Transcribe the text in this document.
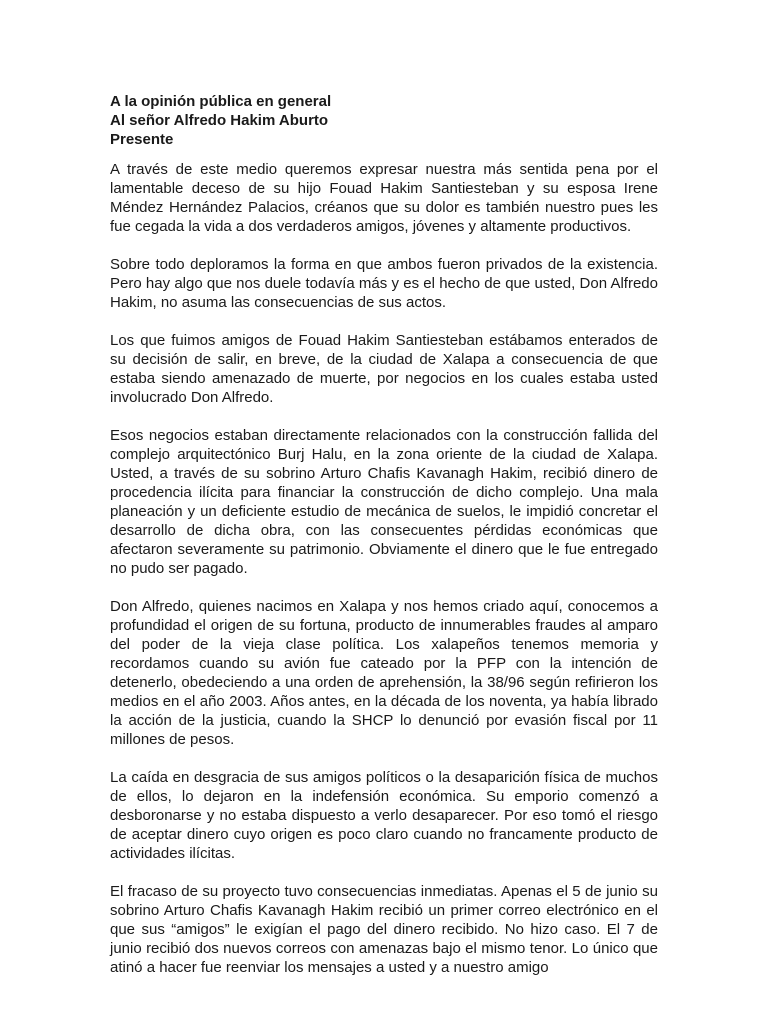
A la opinión pública en general
Al señor Alfredo Hakim Aburto
Presente

A través de este medio queremos expresar nuestra más sentida pena por el lamentable deceso de su hijo Fouad Hakim Santiesteban y su esposa Irene Méndez Hernández Palacios, créanos que su dolor es también nuestro pues les fue cegada la vida a dos verdaderos amigos, jóvenes y altamente productivos.

Sobre todo deploramos la forma en que ambos fueron privados de la existencia. Pero hay algo que nos duele todavía más y es el hecho de que usted, Don Alfredo Hakim, no asuma las consecuencias de sus actos.

Los que fuimos amigos de Fouad Hakim Santiesteban estábamos enterados de su decisión de salir, en breve, de la ciudad de Xalapa a consecuencia de que estaba siendo amenazado de muerte, por negocios en los cuales estaba usted involucrado Don Alfredo.

Esos negocios estaban directamente relacionados con la construcción fallida del complejo arquitectónico Burj Halu, en la zona oriente de la ciudad de Xalapa. Usted, a través de su sobrino Arturo Chafis Kavanagh Hakim, recibió dinero de procedencia ilícita para financiar la construcción de dicho complejo. Una mala planeación y un deficiente estudio de mecánica de suelos, le impidió concretar el desarrollo de dicha obra, con las consecuentes pérdidas económicas que afectaron severamente su patrimonio. Obviamente el dinero que le fue entregado no pudo ser pagado.

Don Alfredo, quienes nacimos en Xalapa y nos hemos criado aquí, conocemos a profundidad el origen de su fortuna, producto de innumerables fraudes al amparo del poder de la vieja clase política. Los xalapeños tenemos memoria y recordamos cuando su avión fue cateado por la PFP con la intención de detenerlo, obedeciendo a una orden de aprehensión, la 38/96 según refirieron los medios en el año 2003. Años antes, en la década de los noventa, ya había librado la acción de la justicia, cuando la SHCP lo denunció por evasión fiscal por 11 millones de pesos.

La caída en desgracia de sus amigos políticos o la desaparición física de muchos de ellos, lo dejaron en la indefensión económica. Su emporio comenzó a desboronarse y no estaba dispuesto a verlo desaparecer. Por eso tomó el riesgo de aceptar dinero cuyo origen es poco claro cuando no francamente producto de actividades ilícitas.

El fracaso de su proyecto tuvo consecuencias inmediatas. Apenas el 5 de junio su sobrino Arturo Chafis Kavanagh Hakim recibió un primer correo electrónico en el que sus “amigos” le exigían el pago del dinero recibido. No hizo caso. El 7 de junio recibió dos nuevos correos con amenazas bajo el mismo tenor. Lo único que atinó a hacer fue reenviar los mensajes a usted y a nuestro amigo
